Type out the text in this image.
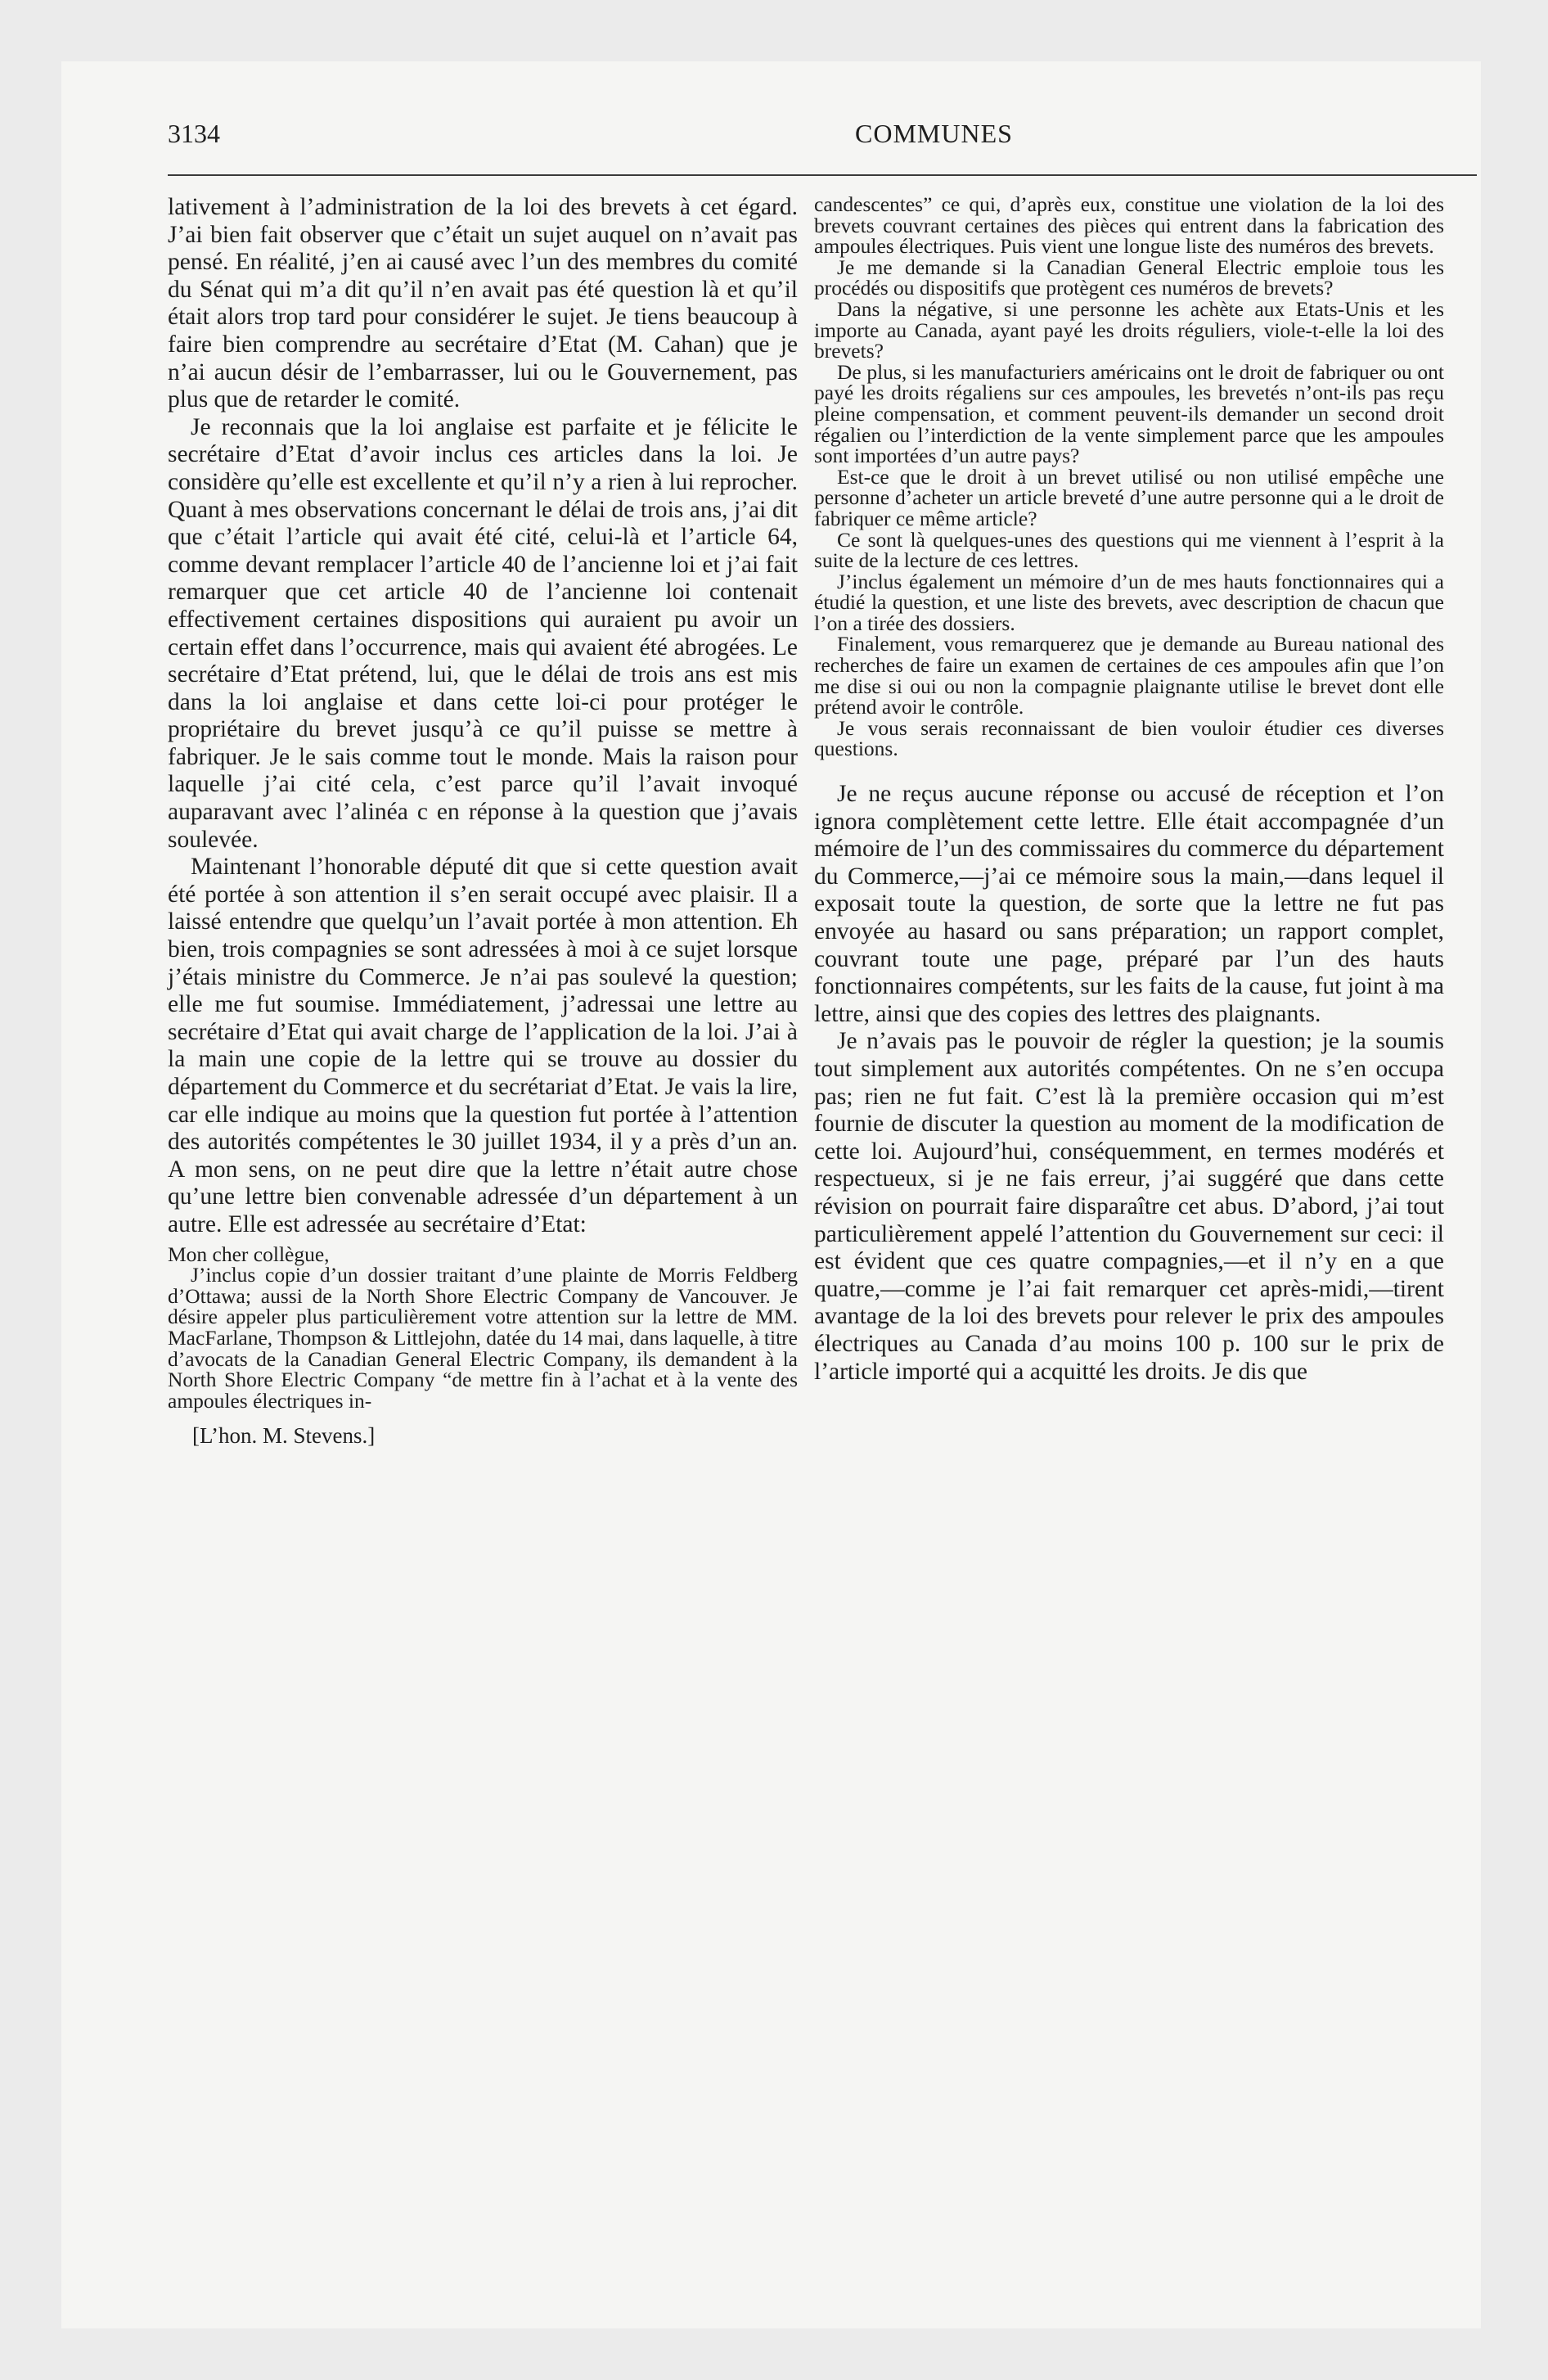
3134	COMMUNES

lativement à l’administration de la loi des brevets à cet égard. J’ai bien fait observer que c’était un sujet auquel on n’avait pas pensé. En réalité, j’en ai causé avec l’un des membres du comité du Sénat qui m’a dit qu’il n’en avait pas été question là et qu’il était alors trop tard pour considérer le sujet. Je tiens beaucoup à faire bien comprendre au secrétaire d’Etat (M. Cahan) que je n’ai aucun désir de l’embarrasser, lui ou le Gouvernement, pas plus que de retarder le comité.

Je reconnais que la loi anglaise est parfaite et je félicite le secrétaire d’Etat d’avoir inclus ces articles dans la loi. Je considère qu’elle est excellente et qu’il n’y a rien à lui reprocher. Quant à mes observations concernant le délai de trois ans, j’ai dit que c’était l’article qui avait été cité, celui-là et l’article 64, comme devant remplacer l’article 40 de l’ancienne loi et j’ai fait remarquer que cet article 40 de l’ancienne loi contenait effectivement certaines dispositions qui auraient pu avoir un certain effet dans l’occurrence, mais qui avaient été abrogées. Le secrétaire d’Etat prétend, lui, que le délai de trois ans est mis dans la loi anglaise et dans cette loi-ci pour protéger le propriétaire du brevet jusqu’à ce qu’il puisse se mettre à fabriquer. Je le sais comme tout le monde. Mais la raison pour laquelle j’ai cité cela, c’est parce qu’il l’avait invoqué auparavant avec l’alinéa c en réponse à la question que j’avais soulevée.

Maintenant l’honorable député dit que si cette question avait été portée à son attention il s’en serait occupé avec plaisir. Il a laissé entendre que quelqu’un l’avait portée à mon attention. Eh bien, trois compagnies se sont adressées à moi à ce sujet lorsque j’étais ministre du Commerce. Je n’ai pas soulevé la question; elle me fut soumise. Immédiatement, j’adressai une lettre au secrétaire d’Etat qui avait charge de l’application de la loi. J’ai à la main une copie de la lettre qui se trouve au dossier du département du Commerce et du secrétariat d’Etat. Je vais la lire, car elle indique au moins que la question fut portée à l’attention des autorités compétentes le 30 juillet 1934, il y a près d’un an. A mon sens, on ne peut dire que la lettre n’était autre chose qu’une lettre bien convenable adressée d’un département à un autre. Elle est adressée au secrétaire d’Etat:

Mon cher collègue,

J’inclus copie d’un dossier traitant d’une plainte de Morris Feldberg d’Ottawa; aussi de la North Shore Electric Company de Vancouver. Je désire appeler plus particulièrement votre attention sur la lettre de MM. MacFarlane, Thompson & Littlejohn, datée du 14 mai, dans laquelle, à titre d’avocats de la Canadian General Electric Company, ils demandent à la North Shore Electric Company “de mettre fin à l’achat et à la vente des ampoules électriques in-

[L’hon. M. Stevens.]

candescentes” ce qui, d’après eux, constitue une violation de la loi des brevets couvrant certaines des pièces qui entrent dans la fabrication des ampoules électriques. Puis vient une longue liste des numéros des brevets.

Je me demande si la Canadian General Electric emploie tous les procédés ou dispositifs que protègent ces numéros de brevets?

Dans la négative, si une personne les achète aux Etats-Unis et les importe au Canada, ayant payé les droits réguliers, viole-t-elle la loi des brevets?

De plus, si les manufacturiers américains ont le droit de fabriquer ou ont payé les droits régaliens sur ces ampoules, les brevetés n’ont-ils pas reçu pleine compensation, et comment peuvent-ils demander un second droit régalien ou l’interdiction de la vente simplement parce que les ampoules sont importées d’un autre pays?

Est-ce que le droit à un brevet utilisé ou non utilisé empêche une personne d’acheter un article breveté d’une autre personne qui a le droit de fabriquer ce même article?

Ce sont là quelques-unes des questions qui me viennent à l’esprit à la suite de la lecture de ces lettres.

J’inclus également un mémoire d’un de mes hauts fonctionnaires qui a étudié la question, et une liste des brevets, avec description de chacun que l’on a tirée des dossiers.

Finalement, vous remarquerez que je demande au Bureau national des recherches de faire un examen de certaines de ces ampoules afin que l’on me dise si oui ou non la compagnie plaignante utilise le brevet dont elle prétend avoir le contrôle.

Je vous serais reconnaissant de bien vouloir étudier ces diverses questions.

Je ne reçus aucune réponse ou accusé de réception et l’on ignora complètement cette lettre. Elle était accompagnée d’un mémoire de l’un des commissaires du commerce du département du Commerce,—j’ai ce mémoire sous la main,—dans lequel il exposait toute la question, de sorte que la lettre ne fut pas envoyée au hasard ou sans préparation; un rapport complet, couvrant toute une page, préparé par l’un des hauts fonctionnaires compétents, sur les faits de la cause, fut joint à ma lettre, ainsi que des copies des lettres des plaignants.

Je n’avais pas le pouvoir de régler la question; je la soumis tout simplement aux autorités compétentes. On ne s’en occupa pas; rien ne fut fait. C’est là la première occasion qui m’est fournie de discuter la question au moment de la modification de cette loi. Aujourd’hui, conséquemment, en termes modérés et respectueux, si je ne fais erreur, j’ai suggéré que dans cette révision on pourrait faire disparaître cet abus. D’abord, j’ai tout particulièrement appelé l’attention du Gouvernement sur ceci: il est évident que ces quatre compagnies,—et il n’y en a que quatre,—comme je l’ai fait remarquer cet après-midi,—tirent avantage de la loi des brevets pour relever le prix des ampoules électriques au Canada d’au moins 100 p. 100 sur le prix de l’article importé qui a acquitté les droits. Je dis que
